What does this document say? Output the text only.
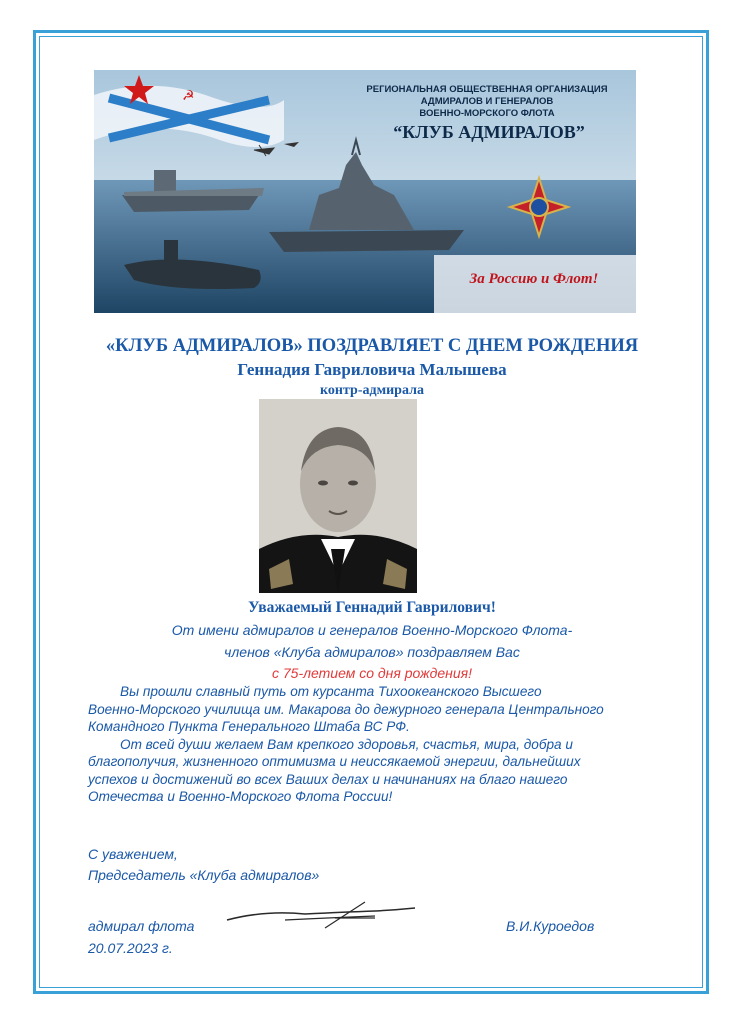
☭	РЕГИОНАЛЬНАЯ ОБЩЕСТВЕННАЯ ОРГАНИЗАЦИЯ
АДМИРАЛОВ И ГЕНЕРАЛОВ
ВОЕННО-МОРСКОГО ФЛОТА
“КЛУБ АДМИРАЛОВ”
За Россию и Флот!
«КЛУБ АДМИРАЛОВ» ПОЗДРАВЛЯЕТ С ДНЕМ РОЖДЕНИЯ
Геннадия Гавриловича Малышева
контр-адмирала
Уважаемый Геннадий Гаврилович!
От имени адмиралов и генералов Военно-Морского Флота-
членов «Клуба адмиралов» поздравляем Вас
с 75-летием со дня рождения!
Вы прошли славный путь от курсанта Тихоокеанского Высшего
Военно-Морского училища им. Макарова до дежурного генерала Центрального
Командного Пункта Генерального Штаба ВС РФ.
От всей души желаем Вам крепкого здоровья, счастья, мира, добра и
благополучия, жизненного оптимизма и неиссякаемой энергии, дальнейших
успехов и достижений во всех Ваших делах и начинаниях на благо нашего
Отечества и Военно-Морского Флота России!
С уважением,
Председатель «Клуба адмиралов»
адмирал флота
20.07.2023 г.
В.И.Куроедов
